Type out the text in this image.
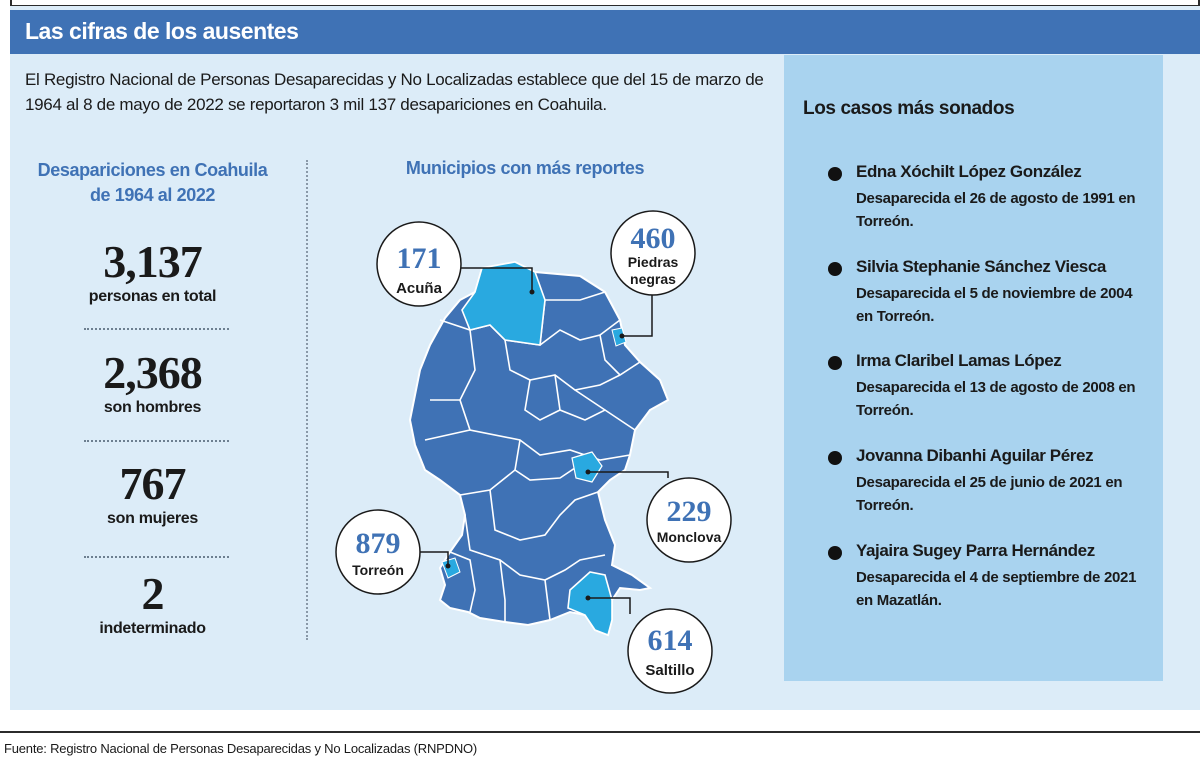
Las cifras de los ausentes
El Registro Nacional de Personas Desaparecidas y No Localizadas establece que del 15 de marzo de 1964 al 8 de mayo de 2022 se reportaron 3 mil 137 desapariciones en Coahuila.
Desapariciones en Coahuila
de 1964 al 2022
3,137
personas en total
2,368
son hombres
767
son mujeres
2
indeterminado
Municipios con más reportes
171
Acuña
460
Piedras
negras
229
Monclova
879
Torreón
614
Saltillo
Los casos más sonados
Edna Xóchilt López González
Desaparecida el 26 de agosto de 1991 en Torreón.
Silvia Stephanie Sánchez Viesca
Desaparecida el 5 de noviembre de 2004 en Torreón.
Irma Claribel Lamas López
Desaparecida el 13 de agosto de 2008 en Torreón.
Jovanna Dibanhi Aguilar Pérez
Desaparecida el 25 de junio de 2021 en Torreón.
Yajaira Sugey Parra Hernández
Desaparecida el 4 de septiembre de 2021 en Mazatlán.
Fuente: Registro Nacional de Personas Desaparecidas y No Localizadas (RNPDNO)
